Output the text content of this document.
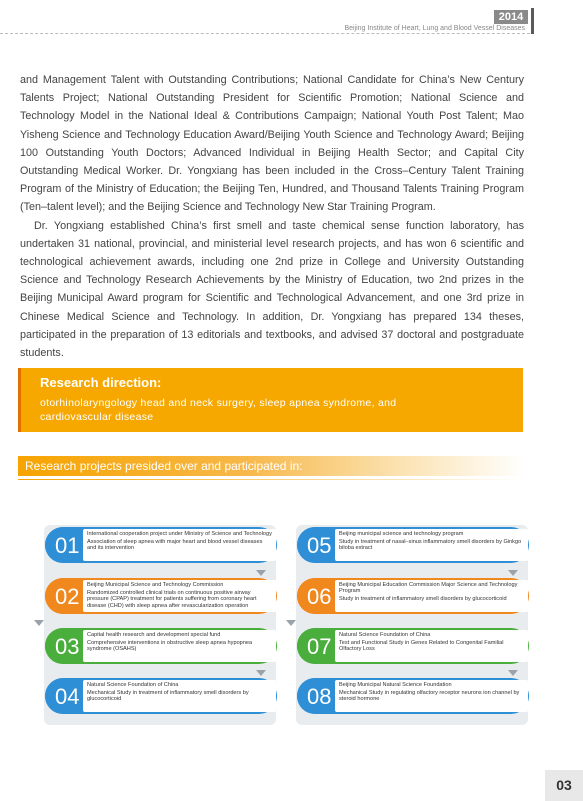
2014
Beijing Institute of Heart, Lung and Blood Vessel Diseases

and Management Talent with Outstanding Contributions; National Candidate for China’s New Century Talents Project; National Outstanding President for Scientific Promotion; National Science and Technology Model in the National Ideal & Contributions Campaign; National Youth Post Talent; Mao Yisheng Science and Technology Education Award/Beijing Youth Science and Technology Award; Beijing 100 Outstanding Youth Doctors; Advanced Individual in Beijing Health Sector; and Capital City Outstanding Medical Worker. Dr. Yongxiang has been included in the Cross–Century Talent Training Program of the Ministry of Education; the Beijing Ten, Hundred, and Thousand Talents Training Program (Ten–talent level); and the Beijing Science and Technology New Star Training Program.

Dr. Yongxiang established China’s first smell and taste chemical sense function laboratory, has undertaken 31 national, provincial, and ministerial level research projects, and has won 6 scientific and technological achievement awards, including one 2nd prize in College and University Outstanding Science and Technology Research Achievements by the Ministry of Education, two 2nd prizes in the Beijing Municipal Award program for Scientific and Technological Advancement, and one 3rd prize in Chinese Medical Science and Technology. In addition, Dr. Yongxiang has prepared 134 theses, participated in the preparation of 13 editorials and textbooks, and advised 37 doctoral and postgraduate students.

Research direction:
otorhinolaryngology head and neck surgery, sleep apnea syndrome, and cardiovascular disease
Research projects presided over and participated in:
01	International cooperation project under Ministry of Science and Technology
Association of sleep apnea with major heart and blood vessel diseases and its intervention
02	Beijing Municipal Science and Technology Commission
Randomized controlled clinical trials on continuous positive airway pressure (CPAP) treatment for patients suffering from coronary heart disease (CHD) with sleep apnea after revascularization operation
03	Capital health research and development special fund
Comprehensive interventions in obstructive sleep apnea hypopnea syndrome (OSAHS)
04	Natural Science Foundation of China
Mechanical Study in treatment of inflammatory smell disorders by glucocorticoid
05	Beijing municipal science and technology program
Study in treatment of nasal–sinus inflammatory smell disorders by Ginkgo biloba extract
06	Beijing Municipal Education Commission Major Science and Technology Program
Study in treatment of inflammatory smell disorders by glucocorticoid
07	Natural Science Foundation of China
Test and Functional Study in Genes Related to Congenital Familial Olfactory Loss
08	Beijing Municipal Natural Science Foundation
Mechanical Study in regulating olfactory receptor neurons ion channel by steroid hormone
03
